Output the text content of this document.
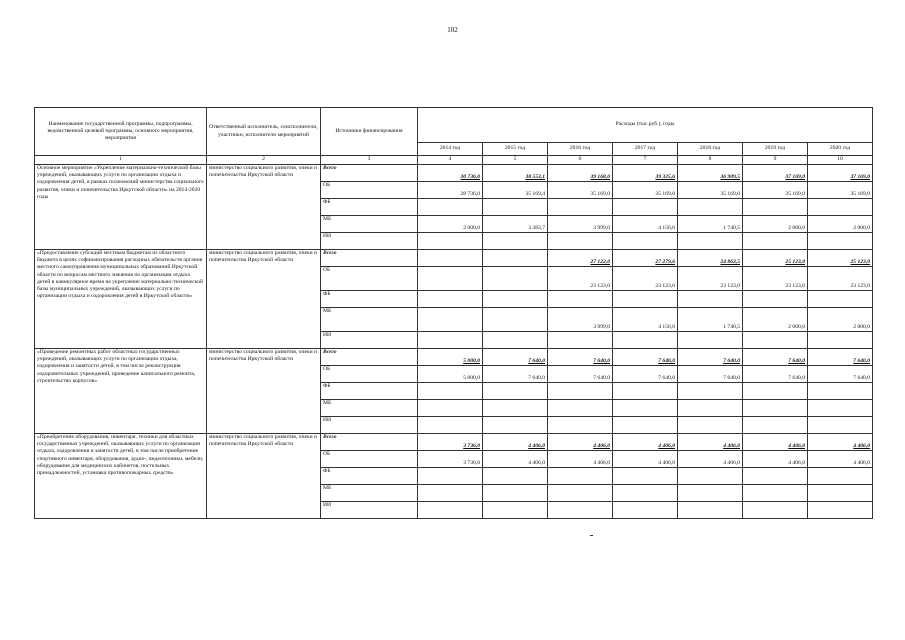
102
Наименование государственной программы, подпрограммы, ведомственной целевой программы, основного мероприятия, мероприятия	Ответственный исполнитель, соисполнители, участники, исполнители мероприятий	Источники финансирования	Расходы (тыс.руб.), годы						
			2014 год	2015 год	2016 год	2017 год	2018 год	2019 год	2020 год
1	2	3	4	5	6	7	8	9	10
Основное мероприятие «Укрепление материально-технической базы учреждений, оказывающих услуги по организации отдыха и оздоровления детей, в рамках полномочий министерства социального развития, опеки и попечительства Иркутской области» на 2014-2020 годы	министерство социального развития, опеки и попечительства Иркутской области	Всего	30 736,0	38 553,1	39 168,0	39 325,6	36 909,5	37 169,0	37 169,0
		ОБ	28 736,0	35 169,4	35 169,0	35 169,0	35 169,0	35 169,0	35 169,0
		ФБ							
		МБ	2 000,0	3 383,7	3 999,0	4 156,6	1 740,5	2 000,0	2 000,0
		ИИ							
«Предоставление субсидий местным бюджетам из областного бюджета в целях софинансирования расходных обязательств органов местного самоуправления муниципальных образований Иркутской области по вопросам местного значения по организации отдыха детей в каникулярное время на укрепление материально-технической базы муниципальных учреждений, оказывающих услуги по организации отдыха и оздоровления детей в Иркутской области»	министерство социального развития, опеки и попечительства Иркутской области	Всего			27 122,0	27 279,6	24 863,5	25 123,0	25 123,0
		ОБ			23 123,0	23 123,0	23 123,0	23 123,0	23 123,0
		ФБ							
		МБ			3 999,0	4 156,6	1 740,5	2 000,0	2 000,0
		ИИ							
«Проведение ремонтных работ областных государственных учреждений, оказывающих услуги по организации отдыха, оздоровления и занятости детей, в том числе реконструкция оздоровительных учреждений, проведение капитального ремонта, строительство корпусов»	министерство социального развития, опеки и попечительства Иркутской области	Всего	5 000,0	7 640,0	7 640,0	7 640,0	7 640,0	7 640,0	7 640,0
		ОБ	5 000,0	7 640,0	7 640,0	7 640,0	7 640,0	7 640,0	7 640,0
		ФБ							
		МБ							
		ИИ							
«Приобретение оборудования, инвентаря, техники для областных государственных учреждений, оказывающих услуги по организации отдыха, оздоровления и занятости детей, в том числе приобретение спортивного инвентаря, оборудования, аудио-, видеотехники, мебели, оборудования для медицинских кабинетов, постельных принадлежностей, установка противопожарных средств»	министерство социального развития, опеки и попечительства Иркутской области	Всего	3 736,0	4 406,0	4 406,0	4 406,0	4 406,0	4 406,0	4 406,0
		ОБ	3 736,0	4 406,0	4 406,0	4 406,0	4 406,0	4 406,0	4 406,0
		ФБ							
		МБ							
		ИИ							
